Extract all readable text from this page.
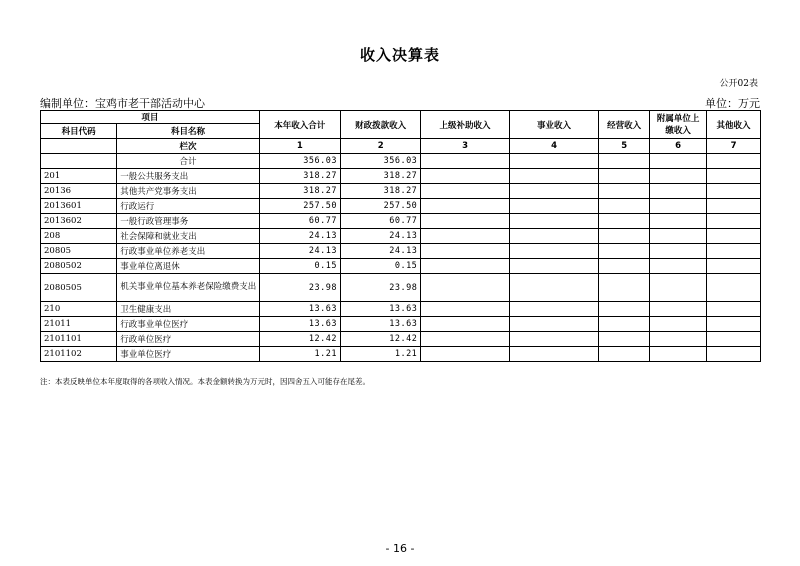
收入决算表
公开02表
编制单位：宝鸡市老干部活动中心	单位：万元
项目		本年收入合计	财政拨款收入	上级补助收入	事业收入	经营收入	附属单位上缴收入	其他收入
科目代码	科目名称							
	栏次	1	2	3	4	5	6	7
	合计	356.03	356.03					
201	一般公共服务支出	318.27	318.27					
20136	其他共产党事务支出	318.27	318.27					
2013601	行政运行	257.50	257.50					
2013602	一般行政管理事务	60.77	60.77					
208	社会保障和就业支出	24.13	24.13					
20805	行政事业单位养老支出	24.13	24.13					
2080502	事业单位离退休	0.15	0.15					
2080505	机关事业单位基本养老保险缴费支出	23.98	23.98					
210	卫生健康支出	13.63	13.63					
21011	行政事业单位医疗	13.63	13.63					
2101101	行政单位医疗	12.42	12.42					
2101102	事业单位医疗	1.21	1.21					
注：本表反映单位本年度取得的各项收入情况。本表金额转换为万元时，因四舍五入可能存在尾差。
- 16 -
